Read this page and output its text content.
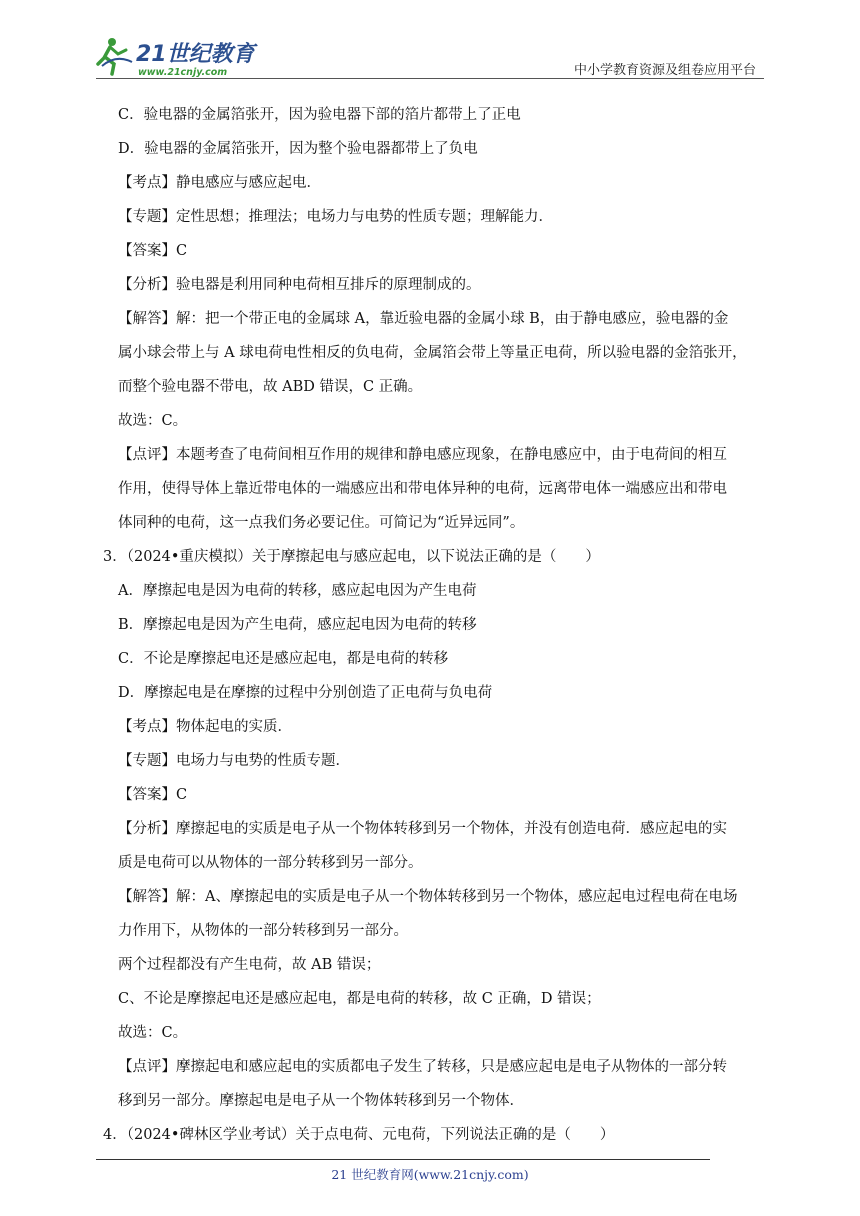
21世纪教育
www.21cnjy.com	中小学教育资源及组卷应用平台
C．验电器的金属箔张开，因为验电器下部的箔片都带上了正电
D．验电器的金属箔张开，因为整个验电器都带上了负电
【考点】静电感应与感应起电．
【专题】定性思想；推理法；电场力与电势的性质专题；理解能力．
【答案】C
【分析】验电器是利用同种电荷相互排斥的原理制成的。
【解答】解：把一个带正电的金属球 A，靠近验电器的金属小球 B，由于静电感应，验电器的金
属小球会带上与 A 球电荷电性相反的负电荷，金属箔会带上等量正电荷，所以验电器的金箔张开，
而整个验电器不带电，故 ABD 错误，C 正确。
故选：C。
【点评】本题考查了电荷间相互作用的规律和静电感应现象，在静电感应中，由于电荷间的相互
作用，使得导体上靠近带电体的一端感应出和带电体异种的电荷，远离带电体一端感应出和带电
体同种的电荷，这一点我们务必要记住。可简记为“近异远同”。
3．（2024•重庆模拟）关于摩擦起电与感应起电，以下说法正确的是（　　）
A．摩擦起电是因为电荷的转移，感应起电因为产生电荷
B．摩擦起电是因为产生电荷，感应起电因为电荷的转移
C．不论是摩擦起电还是感应起电，都是电荷的转移
D．摩擦起电是在摩擦的过程中分别创造了正电荷与负电荷
【考点】物体起电的实质．
【专题】电场力与电势的性质专题．
【答案】C
【分析】摩擦起电的实质是电子从一个物体转移到另一个物体，并没有创造电荷．感应起电的实
质是电荷可以从物体的一部分转移到另一部分。
【解答】解：A、摩擦起电的实质是电子从一个物体转移到另一个物体，感应起电过程电荷在电场
力作用下，从物体的一部分转移到另一部分。
两个过程都没有产生电荷，故 AB 错误；
C、不论是摩擦起电还是感应起电，都是电荷的转移，故 C 正确，D 错误；
故选：C。
【点评】摩擦起电和感应起电的实质都电子发生了转移，只是感应起电是电子从物体的一部分转
移到另一部分。摩擦起电是电子从一个物体转移到另一个物体．
4．（2024•碑林区学业考试）关于点电荷、元电荷，下列说法正确的是（　　）
21 世纪教育网(www.21cnjy.com)
